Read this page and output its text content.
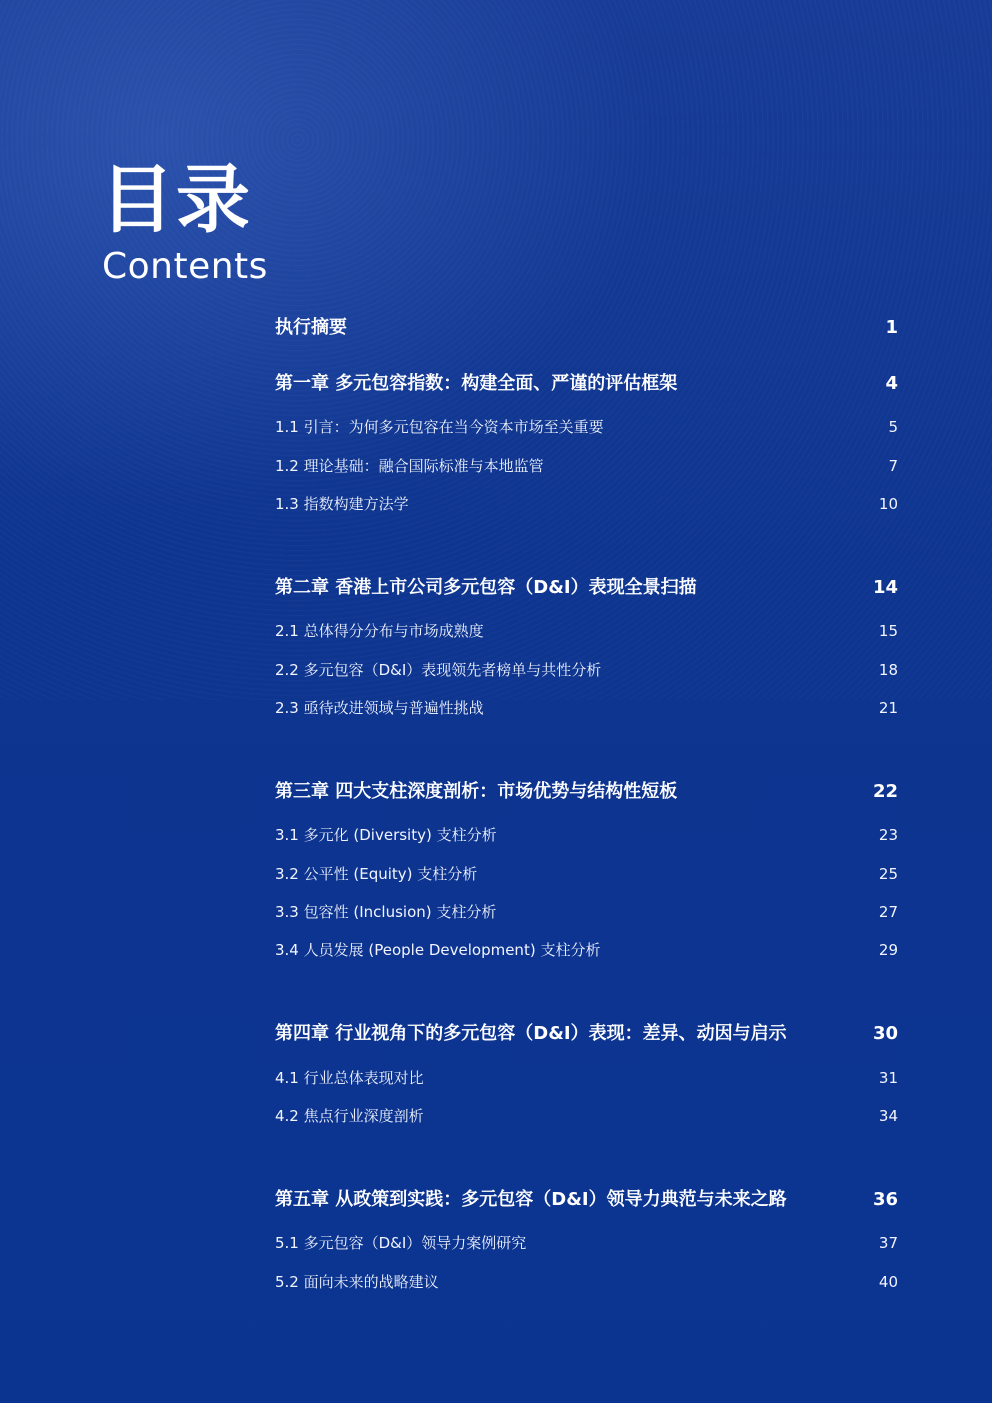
目录
Contents
执行摘要	1
第一章 多元包容指数：构建全面、严谨的评估框架	4
1.1 引言：为何多元包容在当今资本市场至关重要	5
1.2 理论基础：融合国际标准与本地监管	7
1.3 指数构建方法学	10
第二章 香港上市公司多元包容（D&I）表现全景扫描	14
2.1 总体得分分布与市场成熟度	15
2.2 多元包容（D&I）表现领先者榜单与共性分析	18
2.3 亟待改进领域与普遍性挑战	21
第三章 四大支柱深度剖析：市场优势与结构性短板	22
3.1 多元化 (Diversity) 支柱分析	23
3.2 公平性 (Equity) 支柱分析	25
3.3 包容性 (Inclusion) 支柱分析	27
3.4 人员发展 (People Development) 支柱分析	29
第四章 行业视角下的多元包容（D&I）表现：差异、动因与启示	30
4.1 行业总体表现对比	31
4.2 焦点行业深度剖析	34
第五章 从政策到实践：多元包容（D&I）领导力典范与未来之路	36
5.1 多元包容（D&I）领导力案例研究	37
5.2 面向未来的战略建议	40
